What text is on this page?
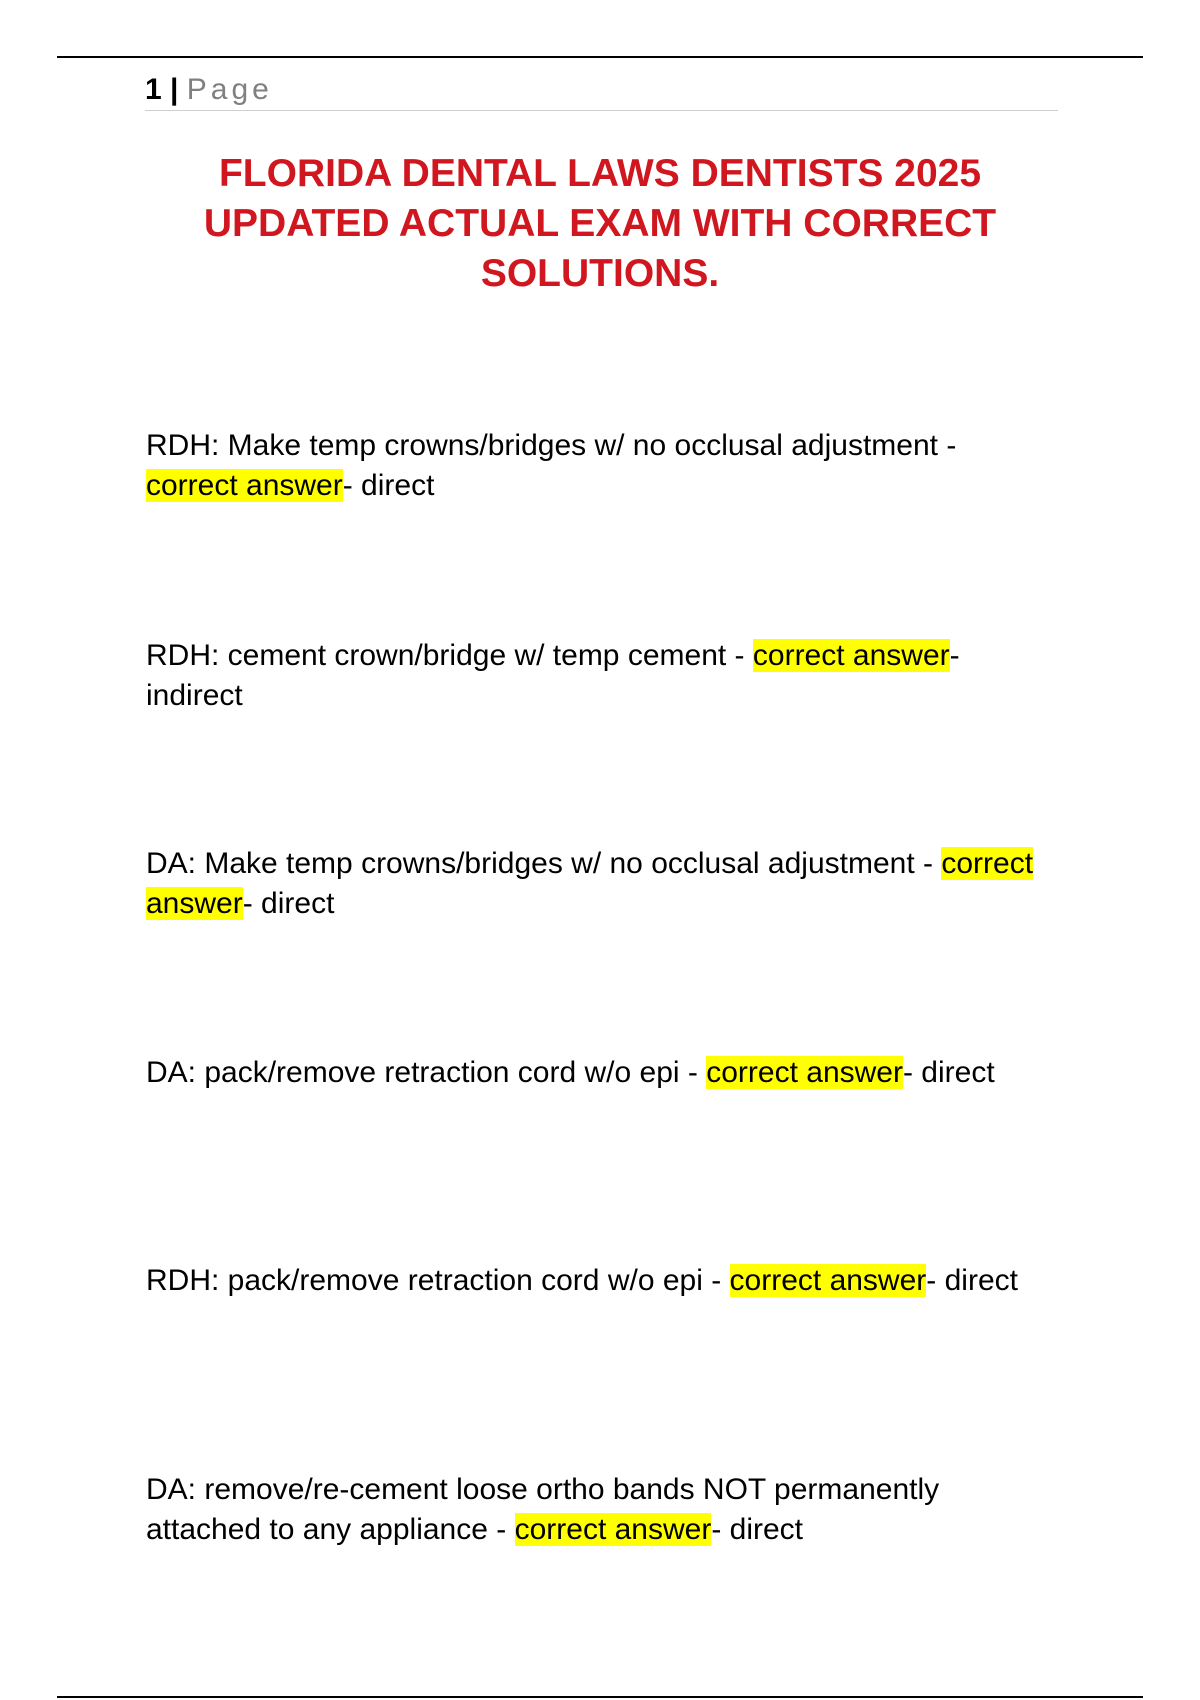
1 | Page
FLORIDA DENTAL LAWS DENTISTS 2025 UPDATED ACTUAL EXAM WITH CORRECT SOLUTIONS.

RDH: Make temp crowns/bridges w/ no occlusal adjustment - correct answer- direct

RDH: cement crown/bridge w/ temp cement - correct answer- indirect

DA: Make temp crowns/bridges w/ no occlusal adjustment - correct answer- direct

DA: pack/remove retraction cord w/o epi - correct answer- direct

RDH: pack/remove retraction cord w/o epi - correct answer- direct

DA: remove/re-cement loose ortho bands NOT permanently attached to any appliance - correct answer- direct
